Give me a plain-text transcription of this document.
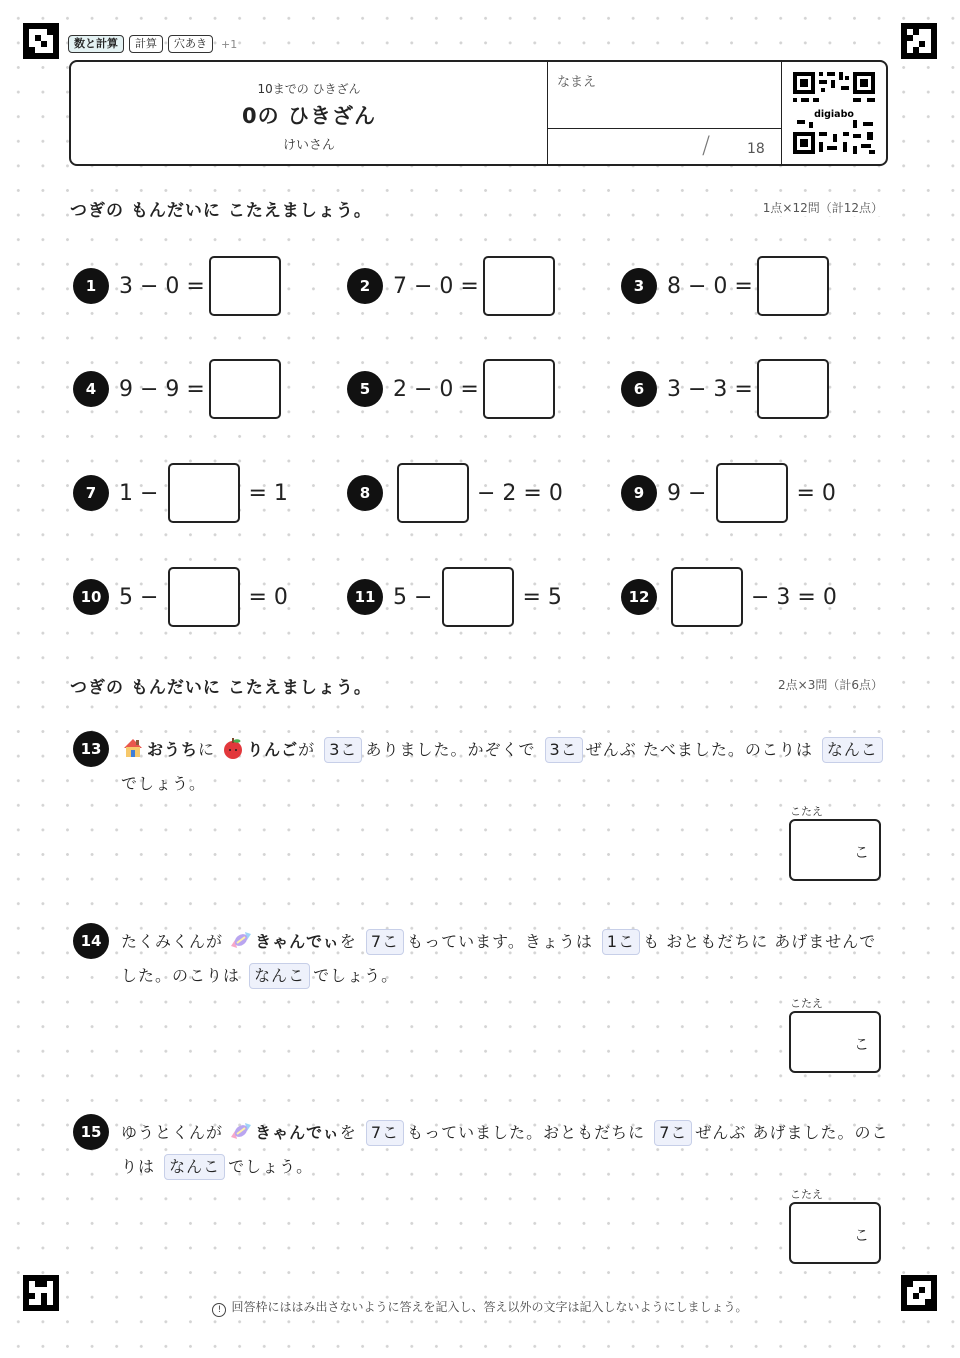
数と計算	計算	穴あき	+1
10までの ひきざん
0の ひきざん
けいさん
なまえ
/	18
digiabo
つぎの もんだいに こたえましょう。	1点×12問（計12点）
1	3 − 0 =	2	7 − 0 =	3	8 − 0 =
4	9 − 9 =	5	2 − 0 =	6	3 − 3 =
7	1 −	= 1	8	− 2 = 0	9	9 −	= 0
10 5 −	= 0	11 5 −	= 5	12	− 3 = 0
つぎの もんだいに こたえましょう。	2点×3問（計6点）
13	おうちに りんごが 3こ ありました。かぞくで 3こ ぜんぶ たべました。のこりは なんこでしょう。
こたえ
こ
14	たくみくんが きゃんでぃを 7こ もっています。きょうは 1こ も おともだちに あげませんでした。のこりは なんこ でしょう。
こたえ
こ
15	ゆうとくんが きゃんでぃを 7こ もっていました。おともだちに 7こ ぜんぶ あげました。のこりは なんこ でしょう。
こたえ
こ
! 回答枠にははみ出さないように答えを記入し、答え以外の文字は記入しないようにしましょう。
